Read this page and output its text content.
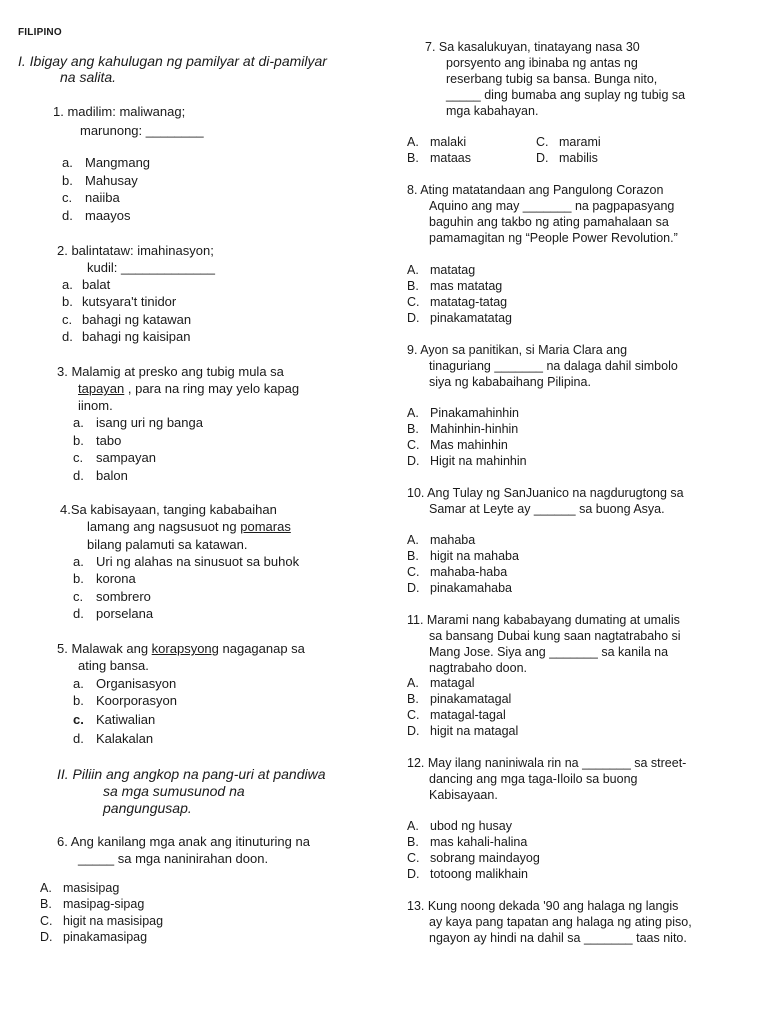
FILIPINO
I. Ibigay ang kahulugan ng pamilyar at di-pamilyar
na salita.
1. madilim: maliwanag;
marunong: ________
a. Mangmang
b. Mahusay
c. naiiba
d. maayos
2. balintataw: imahinasyon;
kudil: _____________
a. balat
b. kutsyara't tinidor
c. bahagi ng katawan
d. bahagi ng kaisipan
3. Malamig at presko ang tubig mula sa
tapayan , para na ring may yelo kapag
iinom.
a. isang uri ng banga
b. tabo
c. sampayan
d. balon
4.Sa kabisayaan, tanging kababaihan
lamang ang nagsusuot ng pomaras
bilang palamuti sa katawan.
a. Uri ng alahas na sinusuot sa buhok
b. korona
c. sombrero
d. porselana
5. Malawak ang korapsyong nagaganap sa
ating bansa.
a. Organisasyon
b. Koorporasyon
c. Katiwalian
d. Kalakalan
II. Piliin ang angkop na pang-uri at pandiwa
sa mga sumusunod na
pangungusap.
6. Ang kanilang mga anak ang itinuturing na
_____ sa mga naninirahan doon.
A. masisipag
B. masipag-sipag
C. higit na masisipag
D. pinakamasipag
7. Sa kasalukuyan, tinatayang nasa 30
porsyento ang ibinaba ng antas ng
reserbang tubig sa bansa. Bunga nito,
_____ ding bumaba ang suplay ng tubig sa
mga kabahayan.
A. malaki	C. marami
B. mataas	D. mabilis
8. Ating matatandaan ang Pangulong Corazon
Aquino ang may _______ na pagpapasyang
baguhin ang takbo ng ating pamahalaan sa
pamamagitan ng “People Power Revolution.”
A. matatag
B. mas matatag
C. matatag-tatag
D. pinakamatatag
9. Ayon sa panitikan, si Maria Clara ang
tinaguriang _______ na dalaga dahil simbolo
siya ng kababaihang Pilipina.
A. Pinakamahinhin
B. Mahinhin-hinhin
C. Mas mahinhin
D. Higit na mahinhin
10. Ang Tulay ng SanJuanico na nagdurugtong sa
Samar at Leyte ay ______ sa buong Asya.
A. mahaba
B. higit na mahaba
C. mahaba-haba
D. pinakamahaba
11. Marami nang kababayang dumating at umalis
sa bansang Dubai kung saan nagtatrabaho si
Mang Jose. Siya ang _______ sa kanila na
nagtrabaho doon.
A. matagal
B. pinakamatagal
C. matagal-tagal
D. higit na matagal
12. May ilang naniniwala rin na _______ sa street-
dancing ang mga taga-Iloilo sa buong
Kabisayaan.
A. ubod ng husay
B. mas kahali-halina
C. sobrang maindayog
D. totoong malikhain
13. Kung noong dekada '90 ang halaga ng langis
ay kaya pang tapatan ang halaga ng ating piso,
ngayon ay hindi na dahil sa _______ taas nito.
